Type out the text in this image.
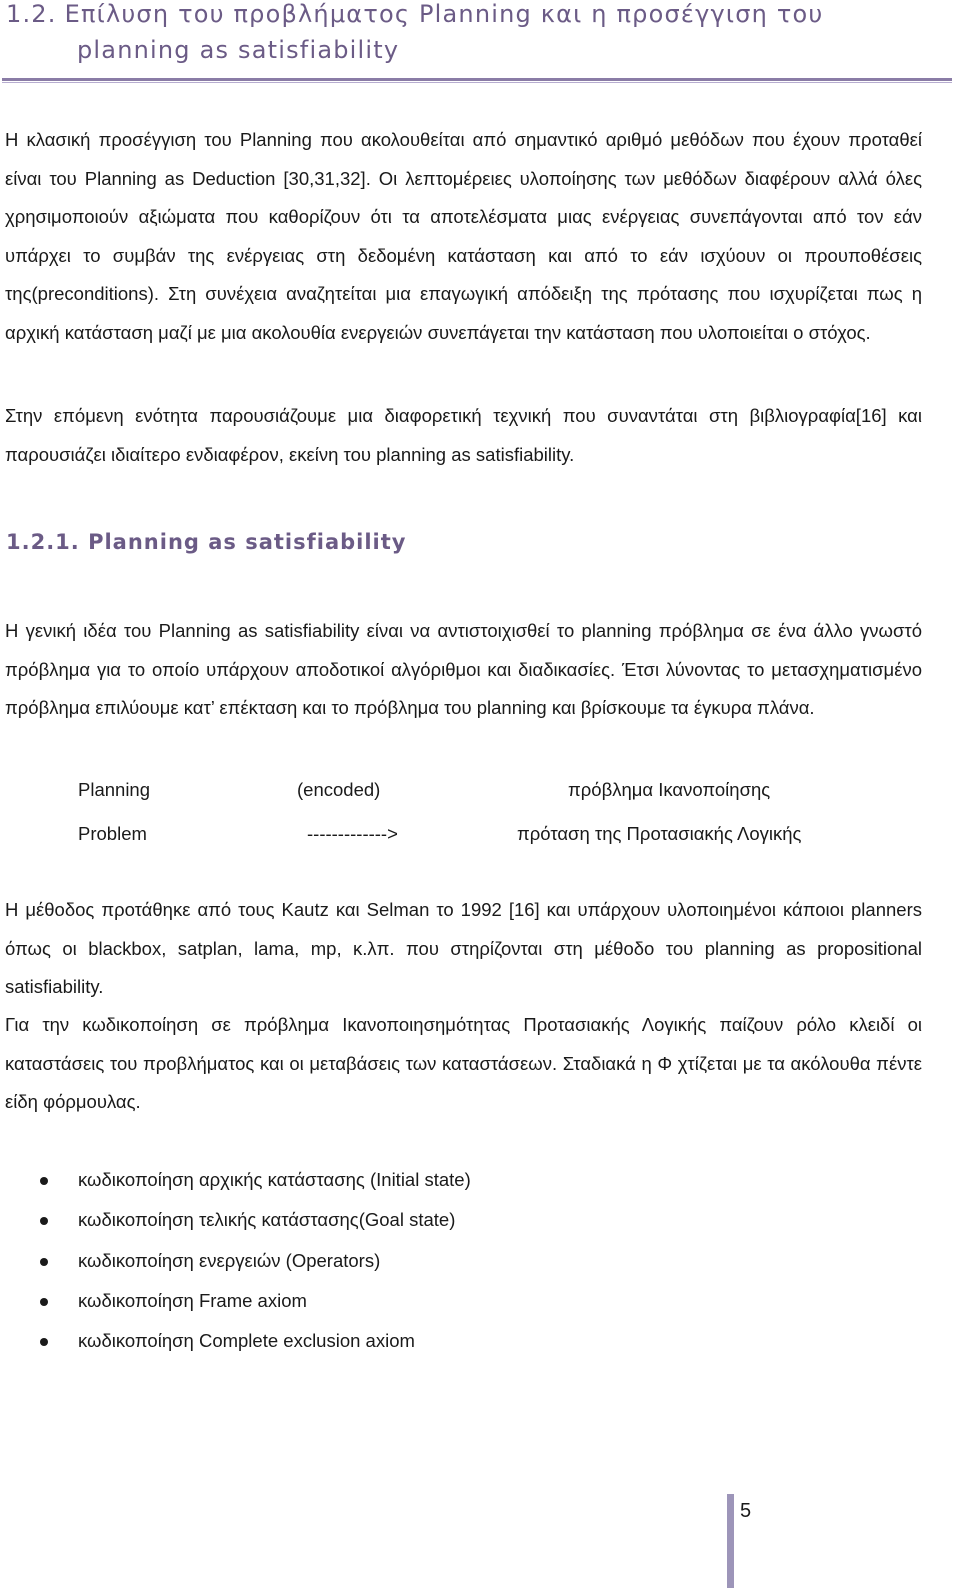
1.2. Επίλυση του προβλήματος Planning και η προσέγγιση του
planning as satisfiability
Η κλασική προσέγγιση του Planning που ακολουθείται από σημαντικό αριθμό μεθόδων που έχουν προταθεί είναι του Planning as Deduction [30,31,32]. Οι λεπτομέρειες υλοποίησης των μεθόδων διαφέρουν αλλά όλες χρησιμοποιούν αξιώματα που καθορίζουν ότι τα αποτελέσματα μιας ενέργειας συνεπάγονται από τον εάν υπάρχει το συμβάν της ενέργειας στη δεδομένη κατάσταση και από το εάν ισχύουν οι προυποθέσεις της(preconditions). Στη συνέχεια αναζητείται μια επαγωγική απόδειξη της πρότασης που ισχυρίζεται πως η αρχική κατάσταση μαζί με μια ακολουθία ενεργειών συνεπάγεται την κατάσταση που υλοποιείται ο στόχος.
Στην επόμενη ενότητα παρουσιάζουμε μια διαφορετική τεχνική που συναντάται στη βιβλιογραφία[16] και παρουσιάζει ιδιαίτερο ενδιαφέρον, εκείνη του planning as satisfiability.
1.2.1. Planning as satisfiability
Η γενική ιδέα του Planning as satisfiability είναι να αντιστοιχισθεί το planning πρόβλημα σε ένα άλλο γνωστό πρόβλημα για το οποίο υπάρχουν αποδοτικοί αλγόριθμοι και διαδικασίες. Έτσι λύνοντας το μετασχηματισμένο πρόβλημα επιλύουμε κατ’ επέκταση και το πρόβλημα του planning και βρίσκουμε τα έγκυρα πλάνα.
Planning	(encoded)	πρόβλημα Ικανοποίησης
Problem	------------->	πρόταση της Προτασιακής Λογικής
Η μέθοδος προτάθηκε από τους Kautz και Selman το 1992 [16] και υπάρχουν υλοποιημένοι κάποιοι planners όπως οι blackbox, satplan, lama, mp, κ.λπ. που στηρίζονται στη μέθοδο του planning as propositional satisfiability.
Για την κωδικοποίηση σε πρόβλημα Ικανοποιησημότητας Προτασιακής Λογικής παίζουν ρόλο κλειδί οι καταστάσεις του προβλήματος και οι μεταβάσεις των καταστάσεων. Σταδιακά η Φ χτίζεται με τα ακόλουθα πέντε είδη φόρμουλας.
κωδικοποίηση αρχικής κατάστασης (Initial state)
κωδικοποίηση τελικής κατάστασης(Goal state)
κωδικοποίηση ενεργειών (Operators)
κωδικοποίηση Frame axiom
κωδικοποίηση Complete exclusion axiom
5
